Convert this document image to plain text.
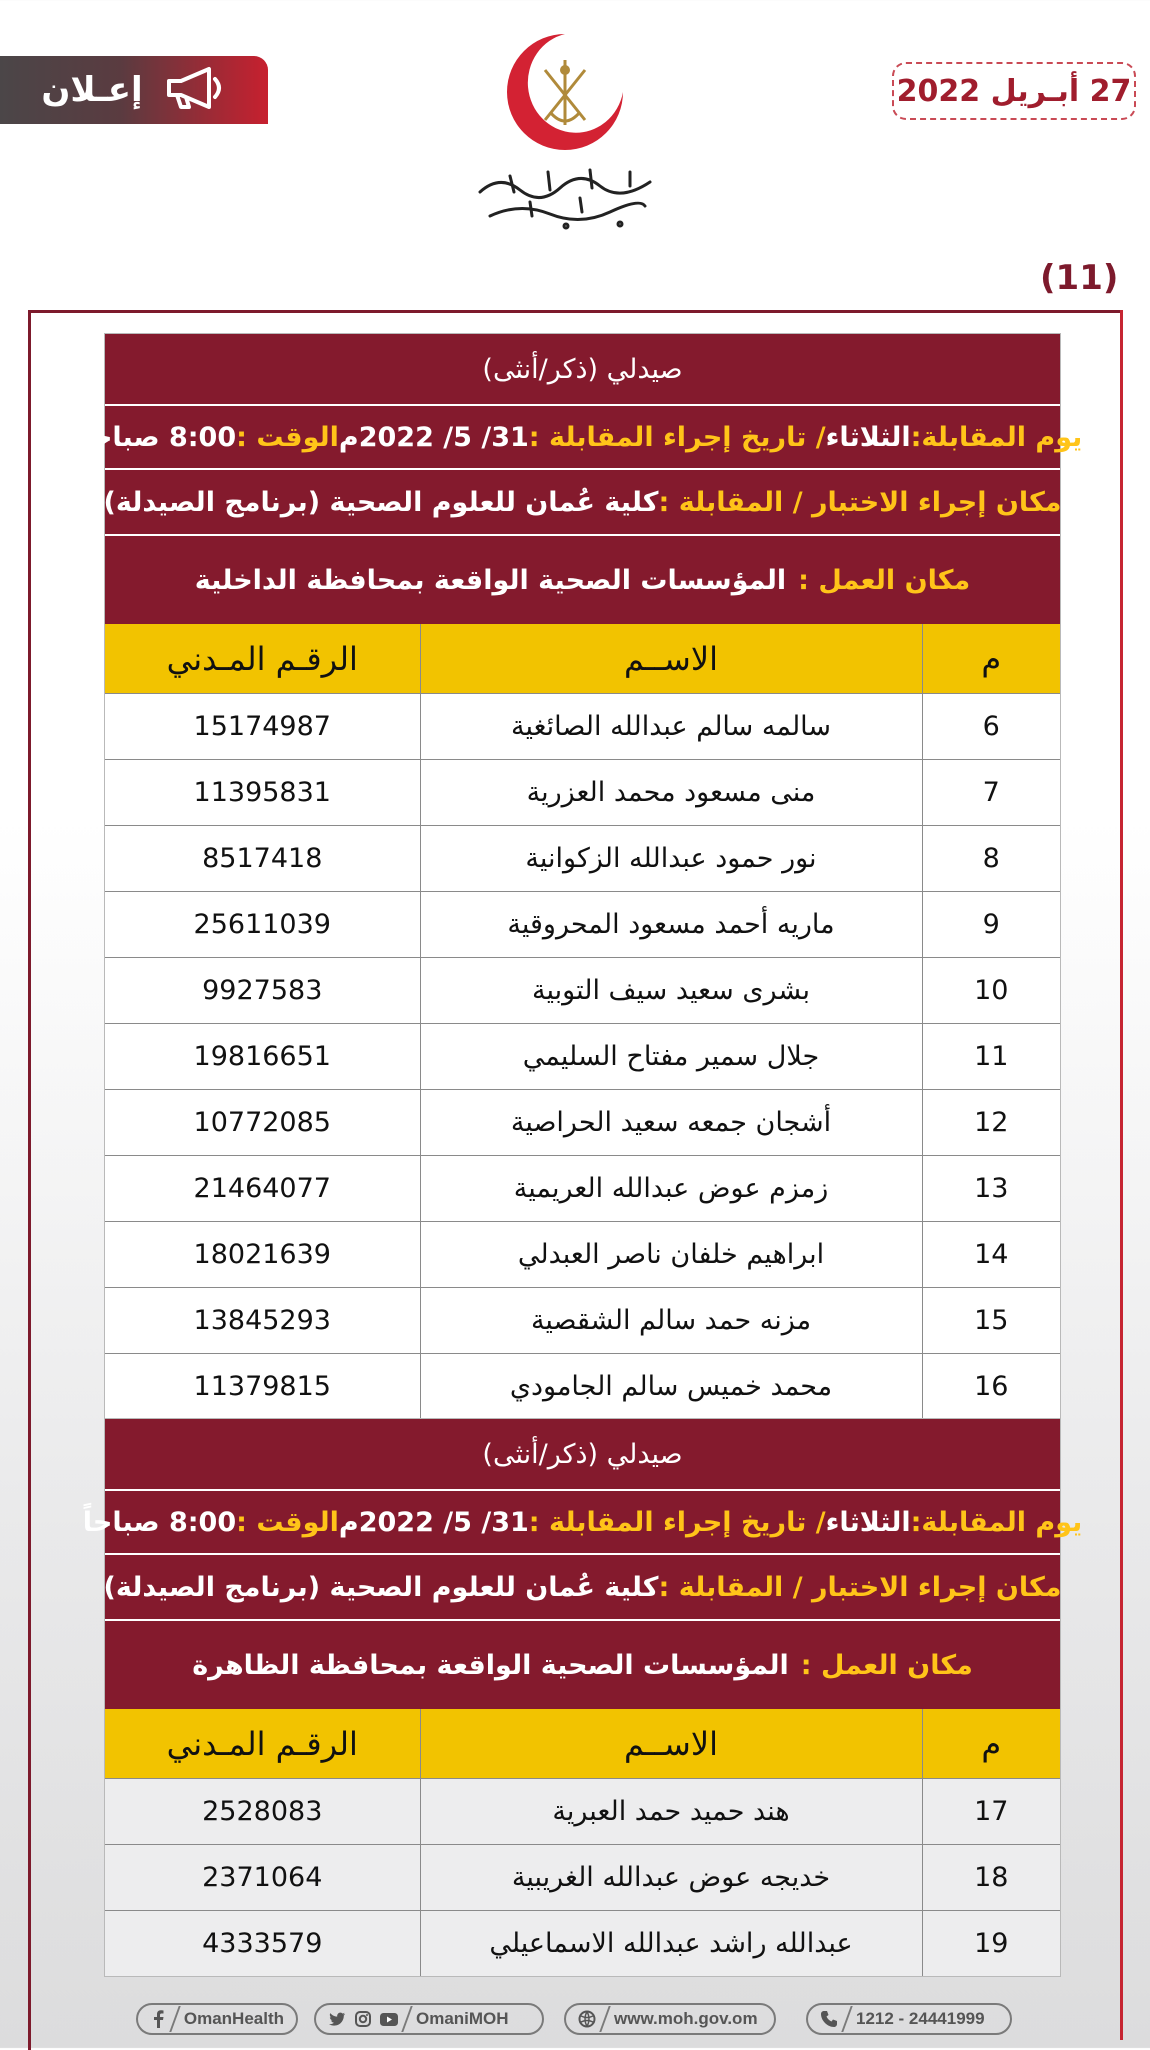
إعـلان	27 أبـريل 2022
(11)
صيدلي (ذكر/أنثى)
يوم المقابلة:
الثلاثاء
/ تاريخ إجراء المقابلة :
31/ 5/ 2022م
الوقت :
8:00 صباحاً
مكان إجراء الاختبار / المقابلة :
كلية عُمان للعلوم الصحية (برنامج الصيدلة)
مكان العمل :
المؤسسات الصحية الواقعة بمحافظة الداخلية
م	الاســم	الرقـم المـدني
6	سالمه سالم عبدالله الصائغية	15174987
7	منى مسعود محمد العزرية	11395831
8	نور حمود عبدالله الزكوانية	8517418
9	ماريه أحمد مسعود المحروقية	25611039
10	بشرى سعيد سيف التوبية	9927583
11	جلال سمير مفتاح السليمي	19816651
12	أشجان جمعه سعيد الحراصية	10772085
13	زمزم عوض عبدالله العريمية	21464077
14	ابراهيم خلفان ناصر العبدلي	18021639
15	مزنه حمد سالم الشقصية	13845293
16	محمد خميس سالم الجامودي	11379815
صيدلي (ذكر/أنثى)
يوم المقابلة:
الثلاثاء
/ تاريخ إجراء المقابلة :
31/ 5/ 2022م
الوقت :
8:00 صباحاً
مكان إجراء الاختبار / المقابلة :
كلية عُمان للعلوم الصحية (برنامج الصيدلة)
مكان العمل :
المؤسسات الصحية الواقعة بمحافظة الظاهرة
م	الاســم	الرقـم المـدني
17	هند حميد حمد العبرية	2528083
18	خديجه عوض عبدالله الغريبية	2371064
19	عبدالله راشد عبدالله الاسماعيلي	4333579
OmanHealth	OmaniMOH	www.moh.gov.om	1212 - 24441999
